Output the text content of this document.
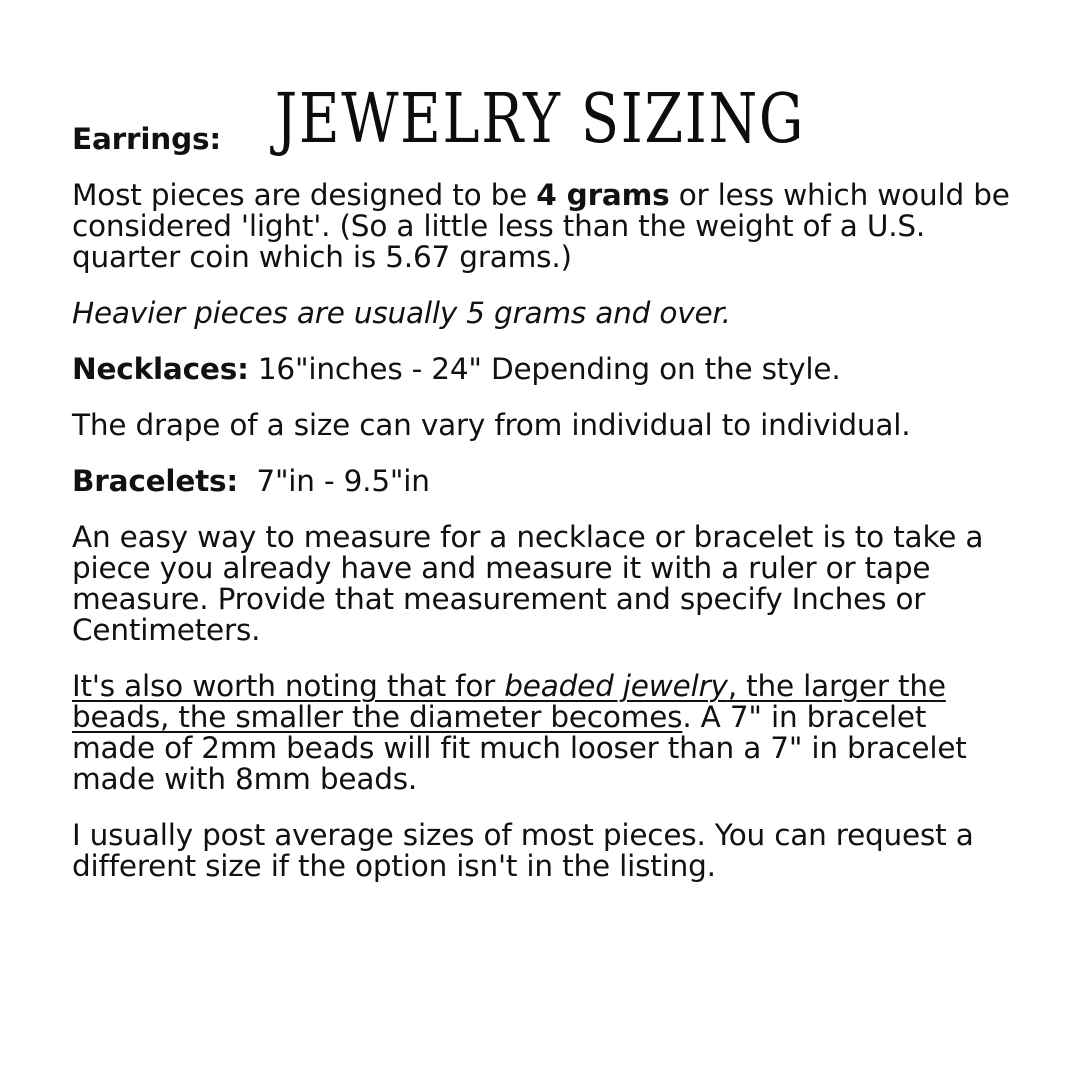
JEWELRY SIZING

Earrings:

Most pieces are designed to be 4 grams or less which would be considered 'light'. (So a little less than the weight of a U.S. quarter coin which is 5.67 grams.)

Heavier pieces are usually 5 grams and over.

Necklaces: 16"inches - 24" Depending on the style.

The drape of a size can vary from individual to individual.

Bracelets:  7"in - 9.5"in

An easy way to measure for a necklace or bracelet is to take a piece you already have and measure it with a ruler or tape measure. Provide that measurement and specify Inches or Centimeters.

It's also worth noting that for beaded jewelry, the larger the beads, the smaller the diameter becomes. A 7" in bracelet made of 2mm beads will fit much looser than a 7" in bracelet made with 8mm beads.

I usually post average sizes of most pieces. You can request a different size if the option isn't in the listing.
